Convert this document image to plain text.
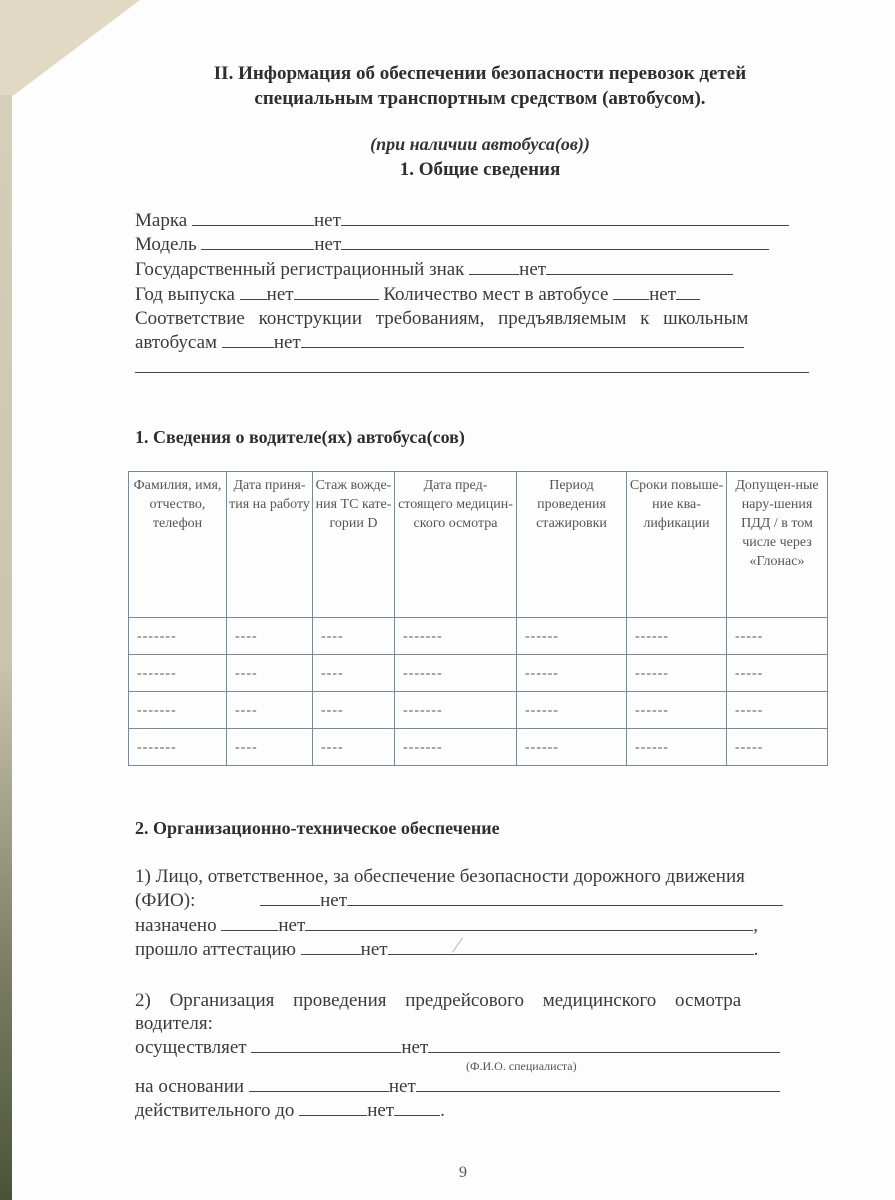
II. Информация об обеспечении безопасности перевозок детей
специальным транспортным средством (автобусом).
(при наличии автобуса(ов))
1. Общие сведения
Марка	нет
Модель	нет
Государственный регистрационный знак	нет
Год выпуска нет	Количество мест в автобусе нет
Соответствие конструкции требованиям, предъявляемым к школьным
автобусам	нет
1. Сведения о водителе(ях) автобуса(сов)
Фамилия, имя, отчество, телефон	Дата приня-тия на работу	Стаж вожде-ния ТС кате-гории D	Дата пред-стоящего медицин-ского осмотра	Период проведения стажировки	Сроки повыше-ние ква-лификации	Допущен-ные нару-шения ПДД / в том числе через «Глонас»
-------	----	----	-------	------	------	-----
-------	----	----	-------	------	------	-----
-------	----	----	-------	------	------	-----
-------	----	----	-------	------	------	-----
2. Организационно-техническое обеспечение
1) Лицо, ответственное, за обеспечение безопасности дорожного движения
(ФИО):	нет
назначено	нет	,
прошло аттестацию	нет	.
2) Организация проведения предрейсового медицинского осмотра
водителя:
осуществляет	нет
(Ф.И.О. специалиста)
на основании	нет
действительного до	нет .
9
